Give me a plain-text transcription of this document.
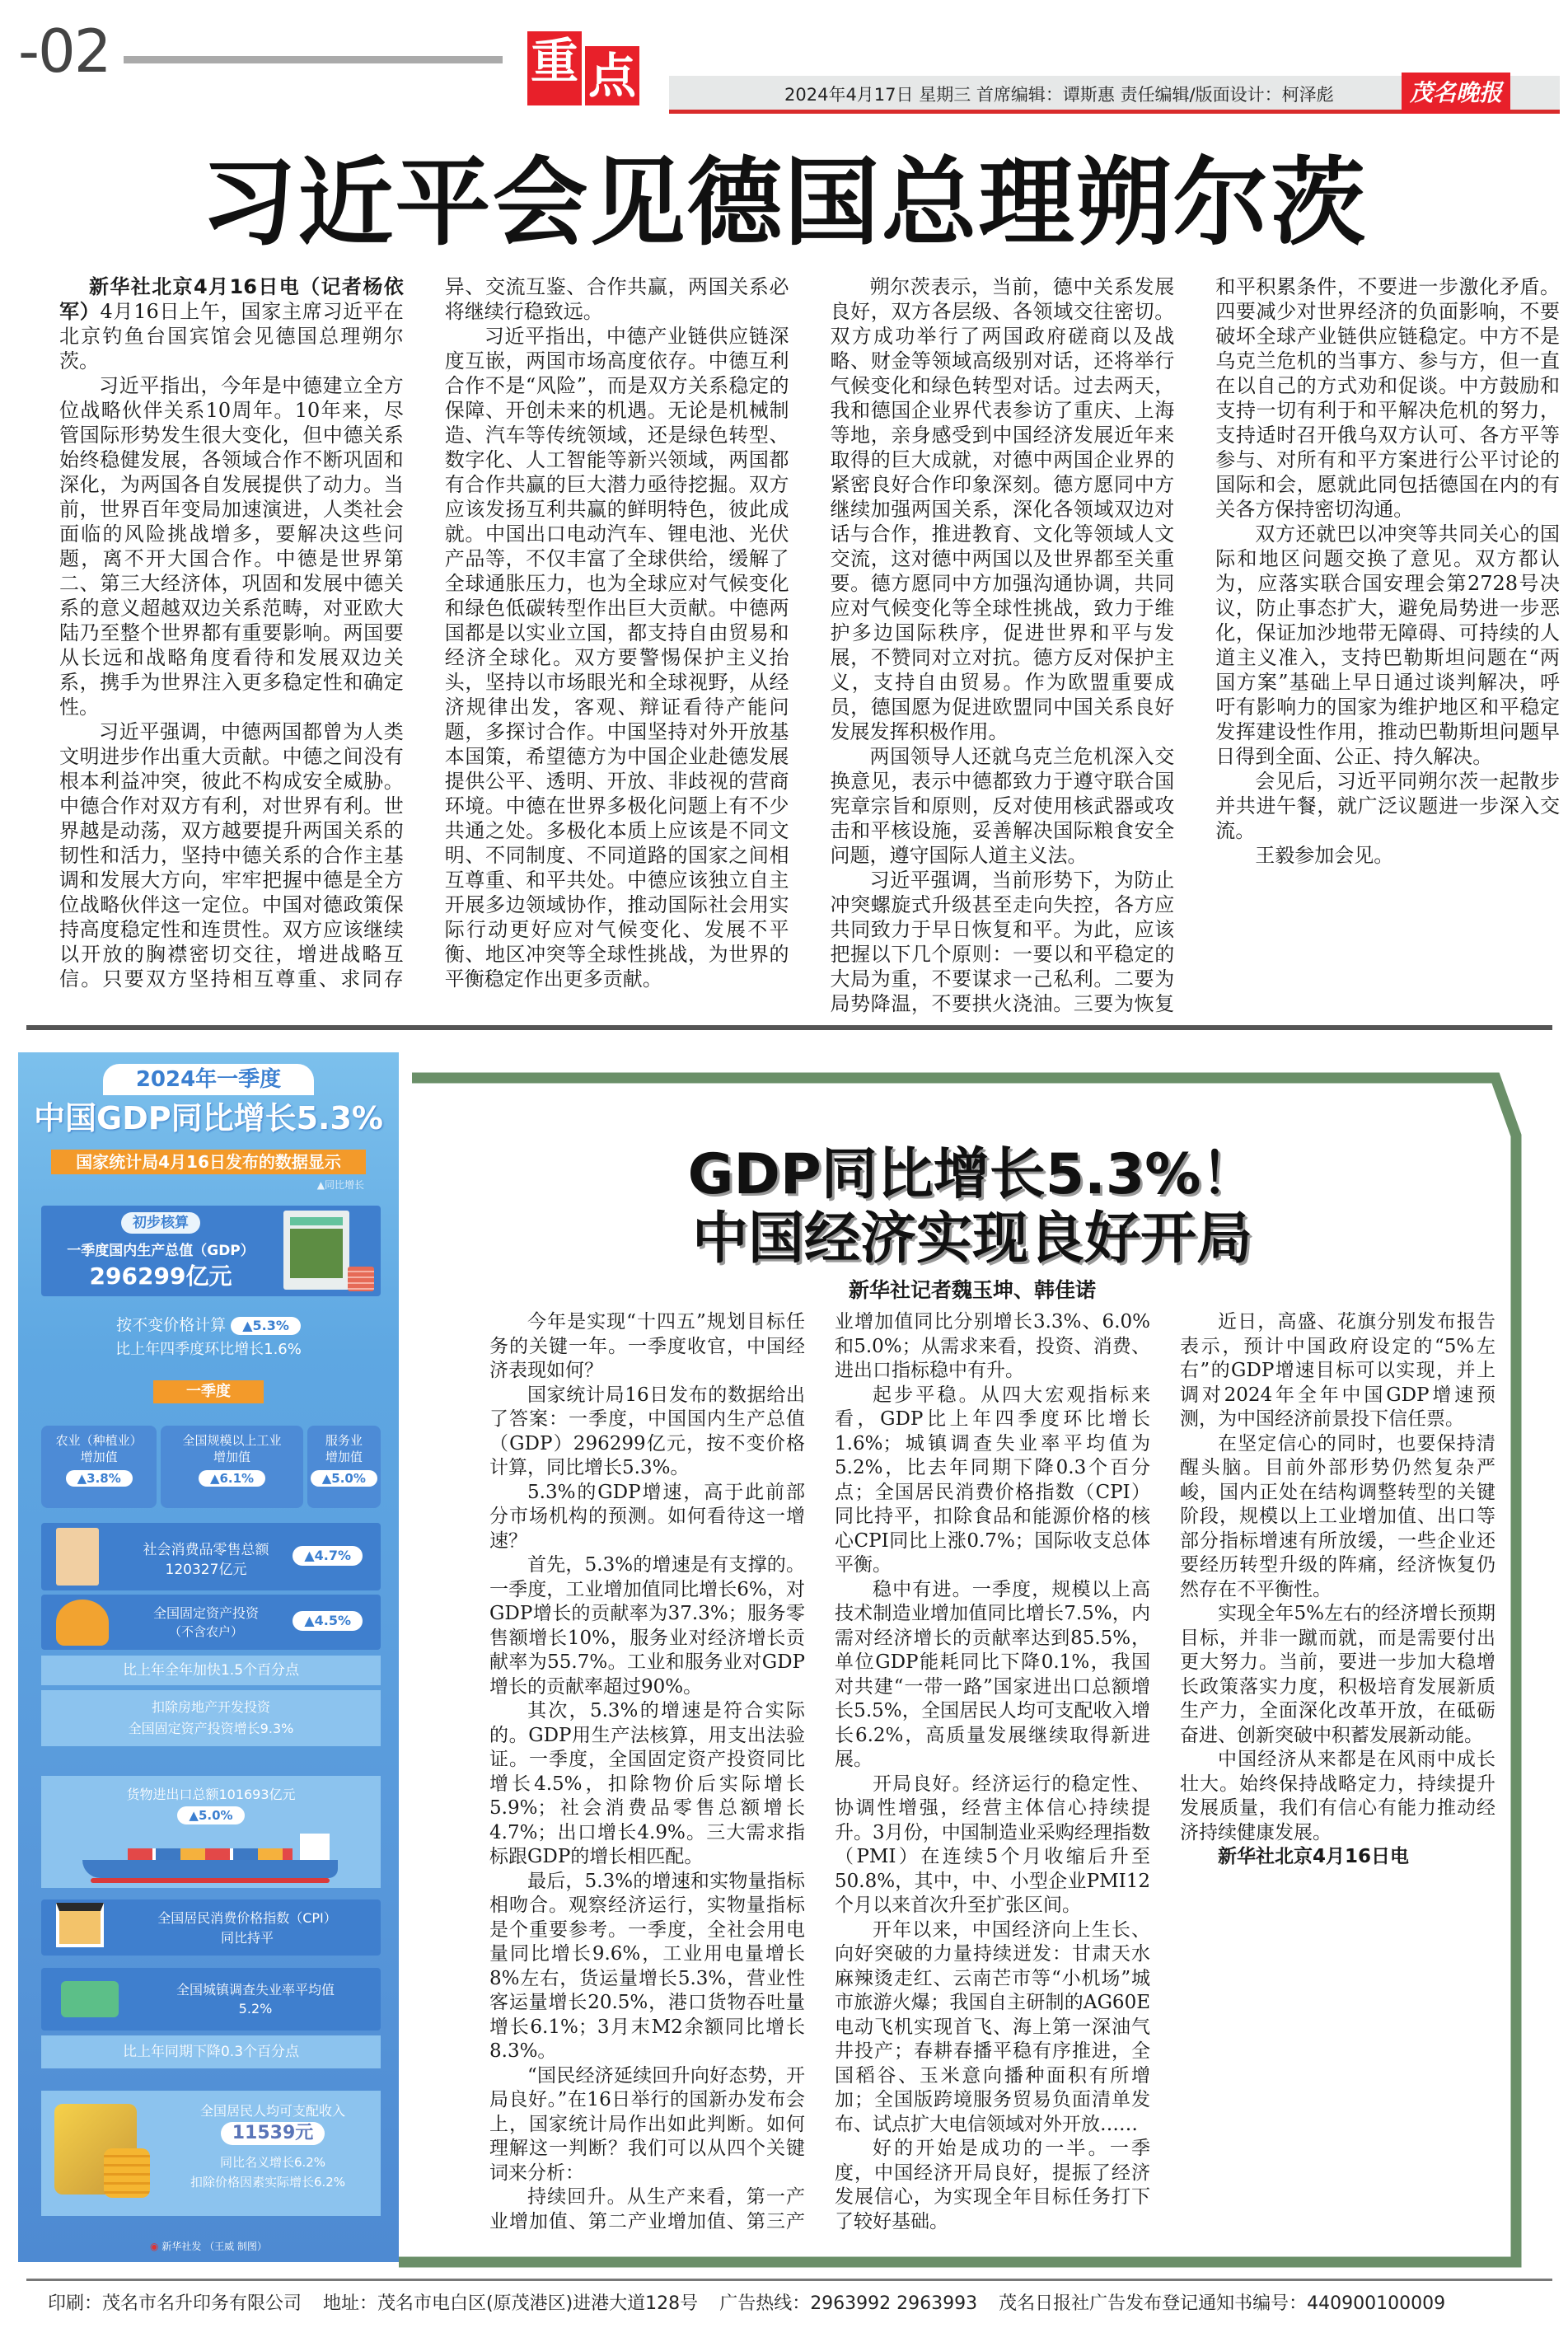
-02	重 点	2024年4月17日 星期三 首席编辑：谭斯惠 责任编辑/版面设计：柯泽彪	茂名晚报
习近平会见德国总理朔尔茨

新华社北京4月16日电（记者杨依军）4月16日上午，国家主席习近平在北京钓鱼台国宾馆会见德国总理朔尔茨。

习近平指出，今年是中德建立全方位战略伙伴关系10周年。10年来，尽管国际形势发生很大变化，但中德关系始终稳健发展，各领域合作不断巩固和深化，为两国各自发展提供了动力。当前，世界百年变局加速演进，人类社会面临的风险挑战增多，要解决这些问题，离不开大国合作。中德是世界第二、第三大经济体，巩固和发展中德关系的意义超越双边关系范畴，对亚欧大陆乃至整个世界都有重要影响。两国要从长远和战略角度看待和发展双边关系，携手为世界注入更多稳定性和确定性。

习近平强调，中德两国都曾为人类文明进步作出重大贡献。中德之间没有根本利益冲突，彼此不构成安全威胁。中德合作对双方有利，对世界有利。世界越是动荡，双方越要提升两国关系的韧性和活力，坚持中德关系的合作主基调和发展大方向，牢牢把握中德是全方位战略伙伴这一定位。中国对德政策保持高度稳定性和连贯性。双方应该继续以开放的胸襟密切交往，增进战略互信。只要双方坚持相互尊重、求同存异、交流互鉴、合作共赢，两国关系必将继续行稳致远。

习近平指出，中德产业链供应链深度互嵌，两国市场高度依存。中德互利合作不是“风险”，而是双方关系稳定的保障、开创未来的机遇。无论是机械制造、汽车等传统领域，还是绿色转型、数字化、人工智能等新兴领域，两国都有合作共赢的巨大潜力亟待挖掘。双方应该发扬互利共赢的鲜明特色，彼此成就。中国出口电动汽车、锂电池、光伏产品等，不仅丰富了全球供给，缓解了全球通胀压力，也为全球应对气候变化和绿色低碳转型作出巨大贡献。中德两国都是以实业立国，都支持自由贸易和经济全球化。双方要警惕保护主义抬头，坚持以市场眼光和全球视野，从经济规律出发，客观、辩证看待产能问题，多探讨合作。中国坚持对外开放基本国策，希望德方为中国企业赴德发展提供公平、透明、开放、非歧视的营商环境。中德在世界多极化问题上有不少共通之处。多极化本质上应该是不同文明、不同制度、不同道路的国家之间相互尊重、和平共处。中德应该独立自主开展多边领域协作，推动国际社会用实际行动更好应对气候变化、发展不平衡、地区冲突等全球性挑战，为世界的平衡稳定作出更多贡献。

朔尔茨表示，当前，德中关系发展良好，双方各层级、各领域交往密切。双方成功举行了两国政府磋商以及战略、财金等领域高级别对话，还将举行气候变化和绿色转型对话。过去两天，我和德国企业界代表参访了重庆、上海等地，亲身感受到中国经济发展近年来取得的巨大成就，对德中两国企业界的紧密良好合作印象深刻。德方愿同中方继续加强两国关系，深化各领域双边对话与合作，推进教育、文化等领域人文交流，这对德中两国以及世界都至关重要。德方愿同中方加强沟通协调，共同应对气候变化等全球性挑战，致力于维护多边国际秩序，促进世界和平与发展，不赞同对立对抗。德方反对保护主义，支持自由贸易。作为欧盟重要成员，德国愿为促进欧盟同中国关系良好发展发挥积极作用。

两国领导人还就乌克兰危机深入交换意见，表示中德都致力于遵守联合国宪章宗旨和原则，反对使用核武器或攻击和平核设施，妥善解决国际粮食安全问题，遵守国际人道主义法。

习近平强调，当前形势下，为防止冲突螺旋式升级甚至走向失控，各方应共同致力于早日恢复和平。为此，应该把握以下几个原则：一要以和平稳定的大局为重，不要谋求一己私利。二要为局势降温，不要拱火浇油。三要为恢复和平积累条件，不要进一步激化矛盾。四要减少对世界经济的负面影响，不要破坏全球产业链供应链稳定。中方不是乌克兰危机的当事方、参与方，但一直在以自己的方式劝和促谈。中方鼓励和支持一切有利于和平解决危机的努力，支持适时召开俄乌双方认可、各方平等参与、对所有和平方案进行公平讨论的国际和会，愿就此同包括德国在内的有关各方保持密切沟通。

双方还就巴以冲突等共同关心的国际和地区问题交换了意见。双方都认为，应落实联合国安理会第2728号决议，防止事态扩大，避免局势进一步恶化，保证加沙地带无障碍、可持续的人道主义准入，支持巴勒斯坦问题在“两国方案”基础上早日通过谈判解决，呼吁有影响力的国家为维护地区和平稳定发挥建设性作用，推动巴勒斯坦问题早日得到全面、公正、持久解决。

会见后，习近平同朔尔茨一起散步并共进午餐，就广泛议题进一步深入交流。

王毅参加会见。

2024年一季度
中国GDP同比增长5.3%
国家统计局4月16日发布的数据显示
▲同比增长
初步核算
一季度国内生产总值（GDP）
296299亿元
按不变价格计算 ▲5.3%
比上年四季度环比增长1.6%
一季度
农业（种植业）
增加值
▲3.8%
全国规模以上工业
增加值
▲6.1%
服务业
增加值
▲5.0%
社会消费品零售总额
120327亿元
▲4.7%
全国固定资产投资
（不含农户）
▲4.5%
比上年全年加快1.5个百分点
扣除房地产开发投资
全国固定资产投资增长9.3%
货物进出口总额101693亿元
▲5.0%
全国居民消费价格指数（CPI）
同比持平
全国城镇调查失业率平均值
5.2%
比上年同期下降0.3个百分点
全国居民人均可支配收入
11539元
同比名义增长6.2%
扣除价格因素实际增长6.2%
◉ 新华社发 （王威 制图）
GDP同比增长5.3%！
中国经济实现良好开局
新华社记者魏玉坤、韩佳诺

今年是实现“十四五”规划目标任务的关键一年。一季度收官，中国经济表现如何？

国家统计局16日发布的数据给出了答案：一季度，中国国内生产总值（GDP）296299亿元，按不变价格计算，同比增长5.3%。

5.3%的GDP增速，高于此前部分市场机构的预测。如何看待这一增速？

首先，5.3%的增速是有支撑的。一季度，工业增加值同比增长6%，对GDP增长的贡献率为37.3%；服务零售额增长10%，服务业对经济增长贡献率为55.7%。工业和服务业对GDP增长的贡献率超过90%。

其次，5.3%的增速是符合实际的。GDP用生产法核算，用支出法验证。一季度，全国固定资产投资同比增长4.5%，扣除物价后实际增长5.9%；社会消费品零售总额增长4.7%；出口增长4.9%。三大需求指标跟GDP的增长相匹配。

最后，5.3%的增速和实物量指标相吻合。观察经济运行，实物量指标是个重要参考。一季度，全社会用电量同比增长9.6%，工业用电量增长8%左右，货运量增长5.3%，营业性客运量增长20.5%，港口货物吞吐量增长6.1%；3月末M2余额同比增长8.3%。

“国民经济延续回升向好态势，开局良好。”在16日举行的国新办发布会上，国家统计局作出如此判断。如何理解这一判断？我们可以从四个关键词来分析：

持续回升。从生产来看，第一产业增加值、第二产业增加值、第三产业增加值同比分别增长3.3%、6.0%和5.0%；从需求来看，投资、消费、进出口指标稳中有升。

起步平稳。从四大宏观指标来看，GDP比上年四季度环比增长1.6%；城镇调查失业率平均值为5.2%，比去年同期下降0.3个百分点；全国居民消费价格指数（CPI）同比持平，扣除食品和能源价格的核心CPI同比上涨0.7%；国际收支总体平衡。

稳中有进。一季度，规模以上高技术制造业增加值同比增长7.5%，内需对经济增长的贡献率达到85.5%，单位GDP能耗同比下降0.1%，我国对共建“一带一路”国家进出口总额增长5.5%，全国居民人均可支配收入增长6.2%，高质量发展继续取得新进展。

开局良好。经济运行的稳定性、协调性增强，经营主体信心持续提升。3月份，中国制造业采购经理指数（PMI）在连续5个月收缩后升至50.8%，其中，中、小型企业PMI12个月以来首次升至扩张区间。

开年以来，中国经济向上生长、向好突破的力量持续迸发：甘肃天水麻辣烫走红、云南芒市等“小机场”城市旅游火爆；我国自主研制的AG60E电动飞机实现首飞、海上第一深油气井投产；春耕春播平稳有序推进，全国稻谷、玉米意向播种面积有所增加；全国版跨境服务贸易负面清单发布、试点扩大电信领域对外开放……

好的开始是成功的一半。一季度，中国经济开局良好，提振了经济发展信心，为实现全年目标任务打下了较好基础。

近日，高盛、花旗分别发布报告表示，预计中国政府设定的“5%左右”的GDP增速目标可以实现，并上调对2024年全年中国GDP增速预测，为中国经济前景投下信任票。

在坚定信心的同时，也要保持清醒头脑。目前外部形势仍然复杂严峻，国内正处在结构调整转型的关键阶段，规模以上工业增加值、出口等部分指标增速有所放缓，一些企业还要经历转型升级的阵痛，经济恢复仍然存在不平衡性。

实现全年5%左右的经济增长预期目标，并非一蹴而就，而是需要付出更大努力。当前，要进一步加大稳增长政策落实力度，积极培育发展新质生产力，全面深化改革开放，在砥砺奋进、创新突破中积蓄发展新动能。

中国经济从来都是在风雨中成长壮大。始终保持战略定力，持续提升发展质量，我们有信心有能力推动经济持续健康发展。

新华社北京4月16日电

印刷：茂名市名升印务有限公司 地址：茂名市电白区(原茂港区)进港大道128号 广告热线：2963992 2963993 茂名日报社广告发布登记通知书编号：440900100009
